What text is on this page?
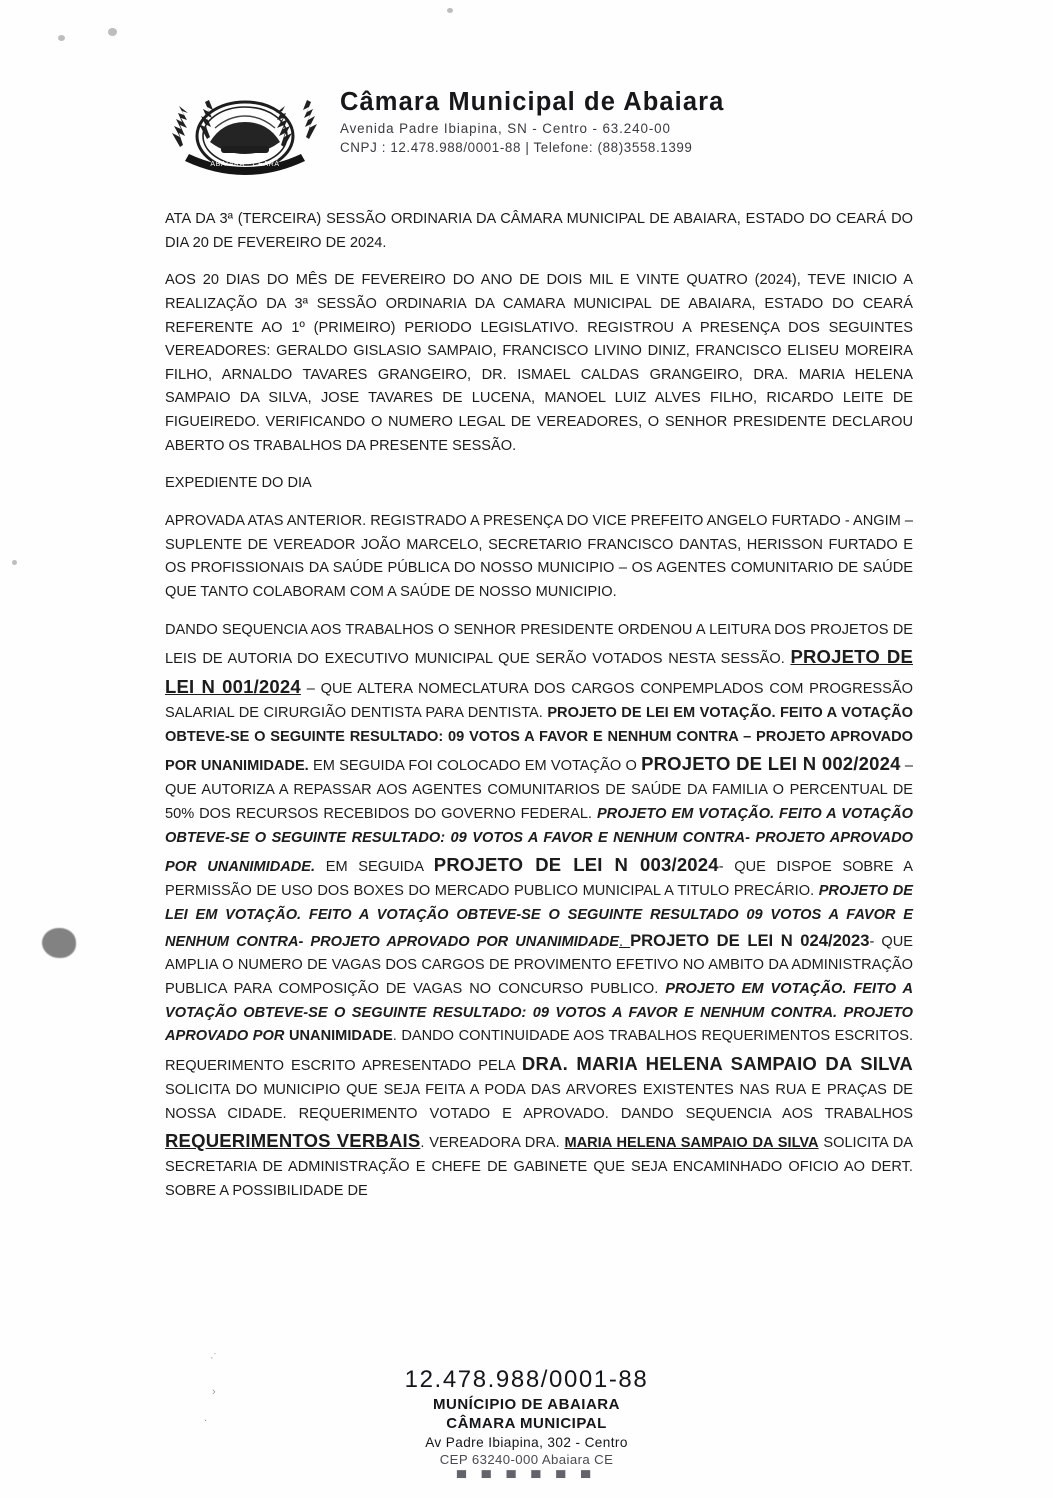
·˙
›
.
ABAIARA - CEARÁ
Câmara Municipal de Abaiara
Avenida Padre Ibiapina, SN - Centro - 63.240-00
CNPJ : 12.478.988/0001-88 | Telefone: (88)3558.1399

ATA DA 3ª (TERCEIRA) SESSÃO ORDINARIA DA CÂMARA MUNICIPAL DE ABAIARA, ESTADO DO CEARÁ DO DIA 20 DE FEVEREIRO DE 2024.

AOS 20 DIAS DO MÊS DE FEVEREIRO DO ANO DE DOIS MIL E VINTE QUATRO (2024), TEVE INICIO A REALIZAÇÃO DA 3ª SESSÃO ORDINARIA DA CAMARA MUNICIPAL DE ABAIARA, ESTADO DO CEARÁ REFERENTE AO 1º (PRIMEIRO) PERIODO LEGISLATIVO. REGISTROU A PRESENÇA DOS SEGUINTES VEREADORES: GERALDO GISLASIO SAMPAIO, FRANCISCO LIVINO DINIZ, FRANCISCO ELISEU MOREIRA FILHO, ARNALDO TAVARES GRANGEIRO, DR. ISMAEL CALDAS GRANGEIRO, DRA. MARIA HELENA SAMPAIO DA SILVA, JOSE TAVARES DE LUCENA, MANOEL LUIZ ALVES FILHO, RICARDO LEITE DE FIGUEIREDO. VERIFICANDO O NUMERO LEGAL DE VEREADORES, O SENHOR PRESIDENTE DECLAROU ABERTO OS TRABALHOS DA PRESENTE SESSÃO.

EXPEDIENTE DO DIA

APROVADA ATAS ANTERIOR. REGISTRADO A PRESENÇA DO VICE PREFEITO ANGELO FURTADO - ANGIM – SUPLENTE DE VEREADOR JOÃO MARCELO, SECRETARIO FRANCISCO DANTAS, HERISSON FURTADO E OS PROFISSIONAIS DA SAÚDE PÚBLICA DO NOSSO MUNICIPIO – OS AGENTES COMUNITARIO DE SAÚDE QUE TANTO COLABORAM COM A SAÚDE DE NOSSO MUNICIPIO.

DANDO SEQUENCIA AOS TRABALHOS O SENHOR PRESIDENTE ORDENOU A LEITURA DOS PROJETOS DE LEIS DE AUTORIA DO EXECUTIVO MUNICIPAL QUE SERÃO VOTADOS NESTA SESSÃO. PROJETO DE LEI N 001/2024 – QUE ALTERA NOMECLATURA DOS CARGOS CONPEMPLADOS COM PROGRESSÃO SALARIAL DE CIRURGIÃO DENTISTA PARA DENTISTA. PROJETO DE LEI EM VOTAÇÃO. FEITO A VOTAÇÃO OBTEVE-SE O SEGUINTE RESULTADO: 09 VOTOS A FAVOR E NENHUM CONTRA – PROJETO APROVADO POR UNANIMIDADE. EM SEGUIDA FOI COLOCADO EM VOTAÇÃO O PROJETO DE LEI N 002/2024 – QUE AUTORIZA A REPASSAR AOS AGENTES COMUNITARIOS DE SAÚDE DA FAMILIA O PERCENTUAL DE 50% DOS RECURSOS RECEBIDOS DO GOVERNO FEDERAL. PROJETO EM VOTAÇÃO. FEITO A VOTAÇÃO OBTEVE-SE O SEGUINTE RESULTADO: 09 VOTOS A FAVOR E NENHUM CONTRA- PROJETO APROVADO POR UNANIMIDADE. EM SEGUIDA PROJETO DE LEI N 003/2024- QUE DISPOE SOBRE A PERMISSÃO DE USO DOS BOXES DO MERCADO PUBLICO MUNICIPAL A TITULO PRECÁRIO. PROJETO DE LEI EM VOTAÇÃO. FEITO A VOTAÇÃO OBTEVE-SE O SEGUINTE RESULTADO 09 VOTOS A FAVOR E NENHUM CONTRA- PROJETO APROVADO POR UNANIMIDADE. PROJETO DE LEI N 024/2023- QUE AMPLIA O NUMERO DE VAGAS DOS CARGOS DE PROVIMENTO EFETIVO NO AMBITO DA ADMINISTRAÇÃO PUBLICA PARA COMPOSIÇÃO DE VAGAS NO CONCURSO PUBLICO. PROJETO EM VOTAÇÃO. FEITO A VOTAÇÃO OBTEVE-SE O SEGUINTE RESULTADO: 09 VOTOS A FAVOR E NENHUM CONTRA. PROJETO APROVADO POR UNANIMIDADE. DANDO CONTINUIDADE AOS TRABALHOS REQUERIMENTOS ESCRITOS. REQUERIMENTO ESCRITO APRESENTADO PELA DRA. MARIA HELENA SAMPAIO DA SILVA SOLICITA DO MUNICIPIO QUE SEJA FEITA A PODA DAS ARVORES EXISTENTES NAS RUA E PRAÇAS DE NOSSA CIDADE. REQUERIMENTO VOTADO E APROVADO. DANDO SEQUENCIA AOS TRABALHOS REQUERIMENTOS VERBAIS. VEREADORA DRA. MARIA HELENA SAMPAIO DA SILVA SOLICITA DA SECRETARIA DE ADMINISTRAÇÃO E CHEFE DE GABINETE QUE SEJA ENCAMINHADO OFICIO AO DERT. SOBRE A POSSIBILIDADE DE

12.478.988/0001-88
MUNÍCIPIO DE ABAIARA
CÂMARA MUNICIPAL
Av Padre Ibiapina, 302 - Centro
CEP 63240-000 Abaiara CE
▀ ▀ ▀ ▀ ▀ ▀
